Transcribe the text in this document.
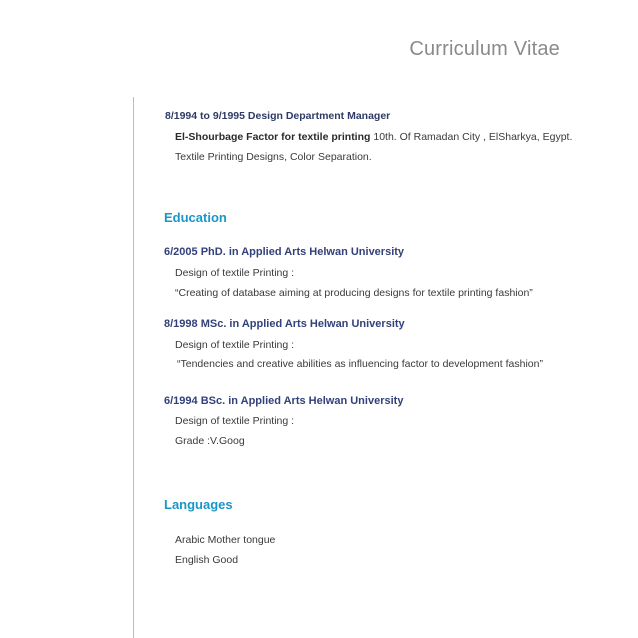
Curriculum Vitae
8/1994 to 9/1995 Design Department Manager
El-Shourbage Factor for textile printing 10th. Of Ramadan City , ElSharkya, Egypt.
Textile Printing Designs, Color Separation.
Education
6/2005 PhD. in Applied Arts Helwan University
Design of textile Printing :
“Creating of database aiming at producing designs for textile printing fashion”
8/1998 MSc. in Applied Arts Helwan University
Design of textile Printing :
“Tendencies and creative abilities as influencing factor to development fashion”
6/1994 BSc. in Applied Arts Helwan University
Design of textile Printing :
Grade :V.Goog
Languages
Arabic Mother tongue
English Good
